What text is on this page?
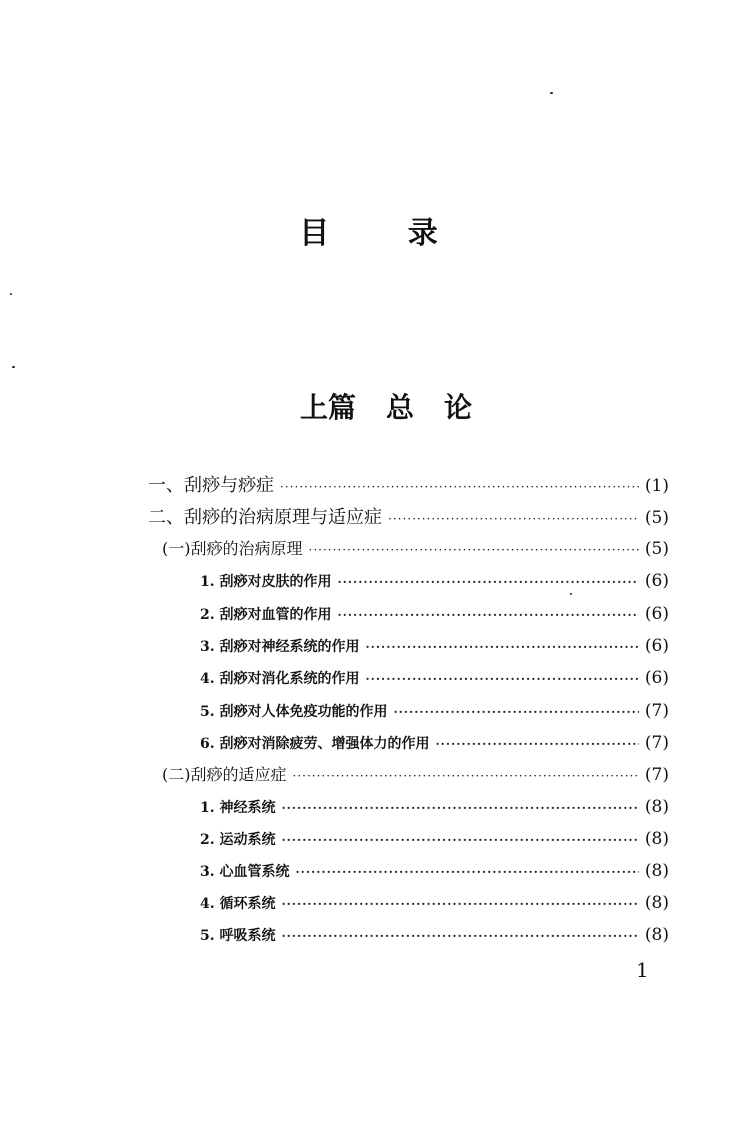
目 录
上篇 总 论
一、刮痧与痧症 ·····	(1)
二、刮痧的治病原理与适应症 ·····	(5)
(一)刮痧的治病原理 ·····	(5)
1. 刮痧对皮肤的作用 ·····	(6)
2. 刮痧对血管的作用 ·····	(6)
3. 刮痧对神经系统的作用 ·····	(6)
4. 刮痧对消化系统的作用 ·····	(6)
5. 刮痧对人体免疫功能的作用 ·····	(7)
6. 刮痧对消除疲劳、增强体力的作用 ·····	(7)
(二)刮痧的适应症 ·····	(7)
1. 神经系统 ·····	(8)
2. 运动系统 ·····	(8)
3. 心血管系统 ·····	(8)
4. 循环系统 ·····	(8)
5. 呼吸系统 ·····	(8)
1
